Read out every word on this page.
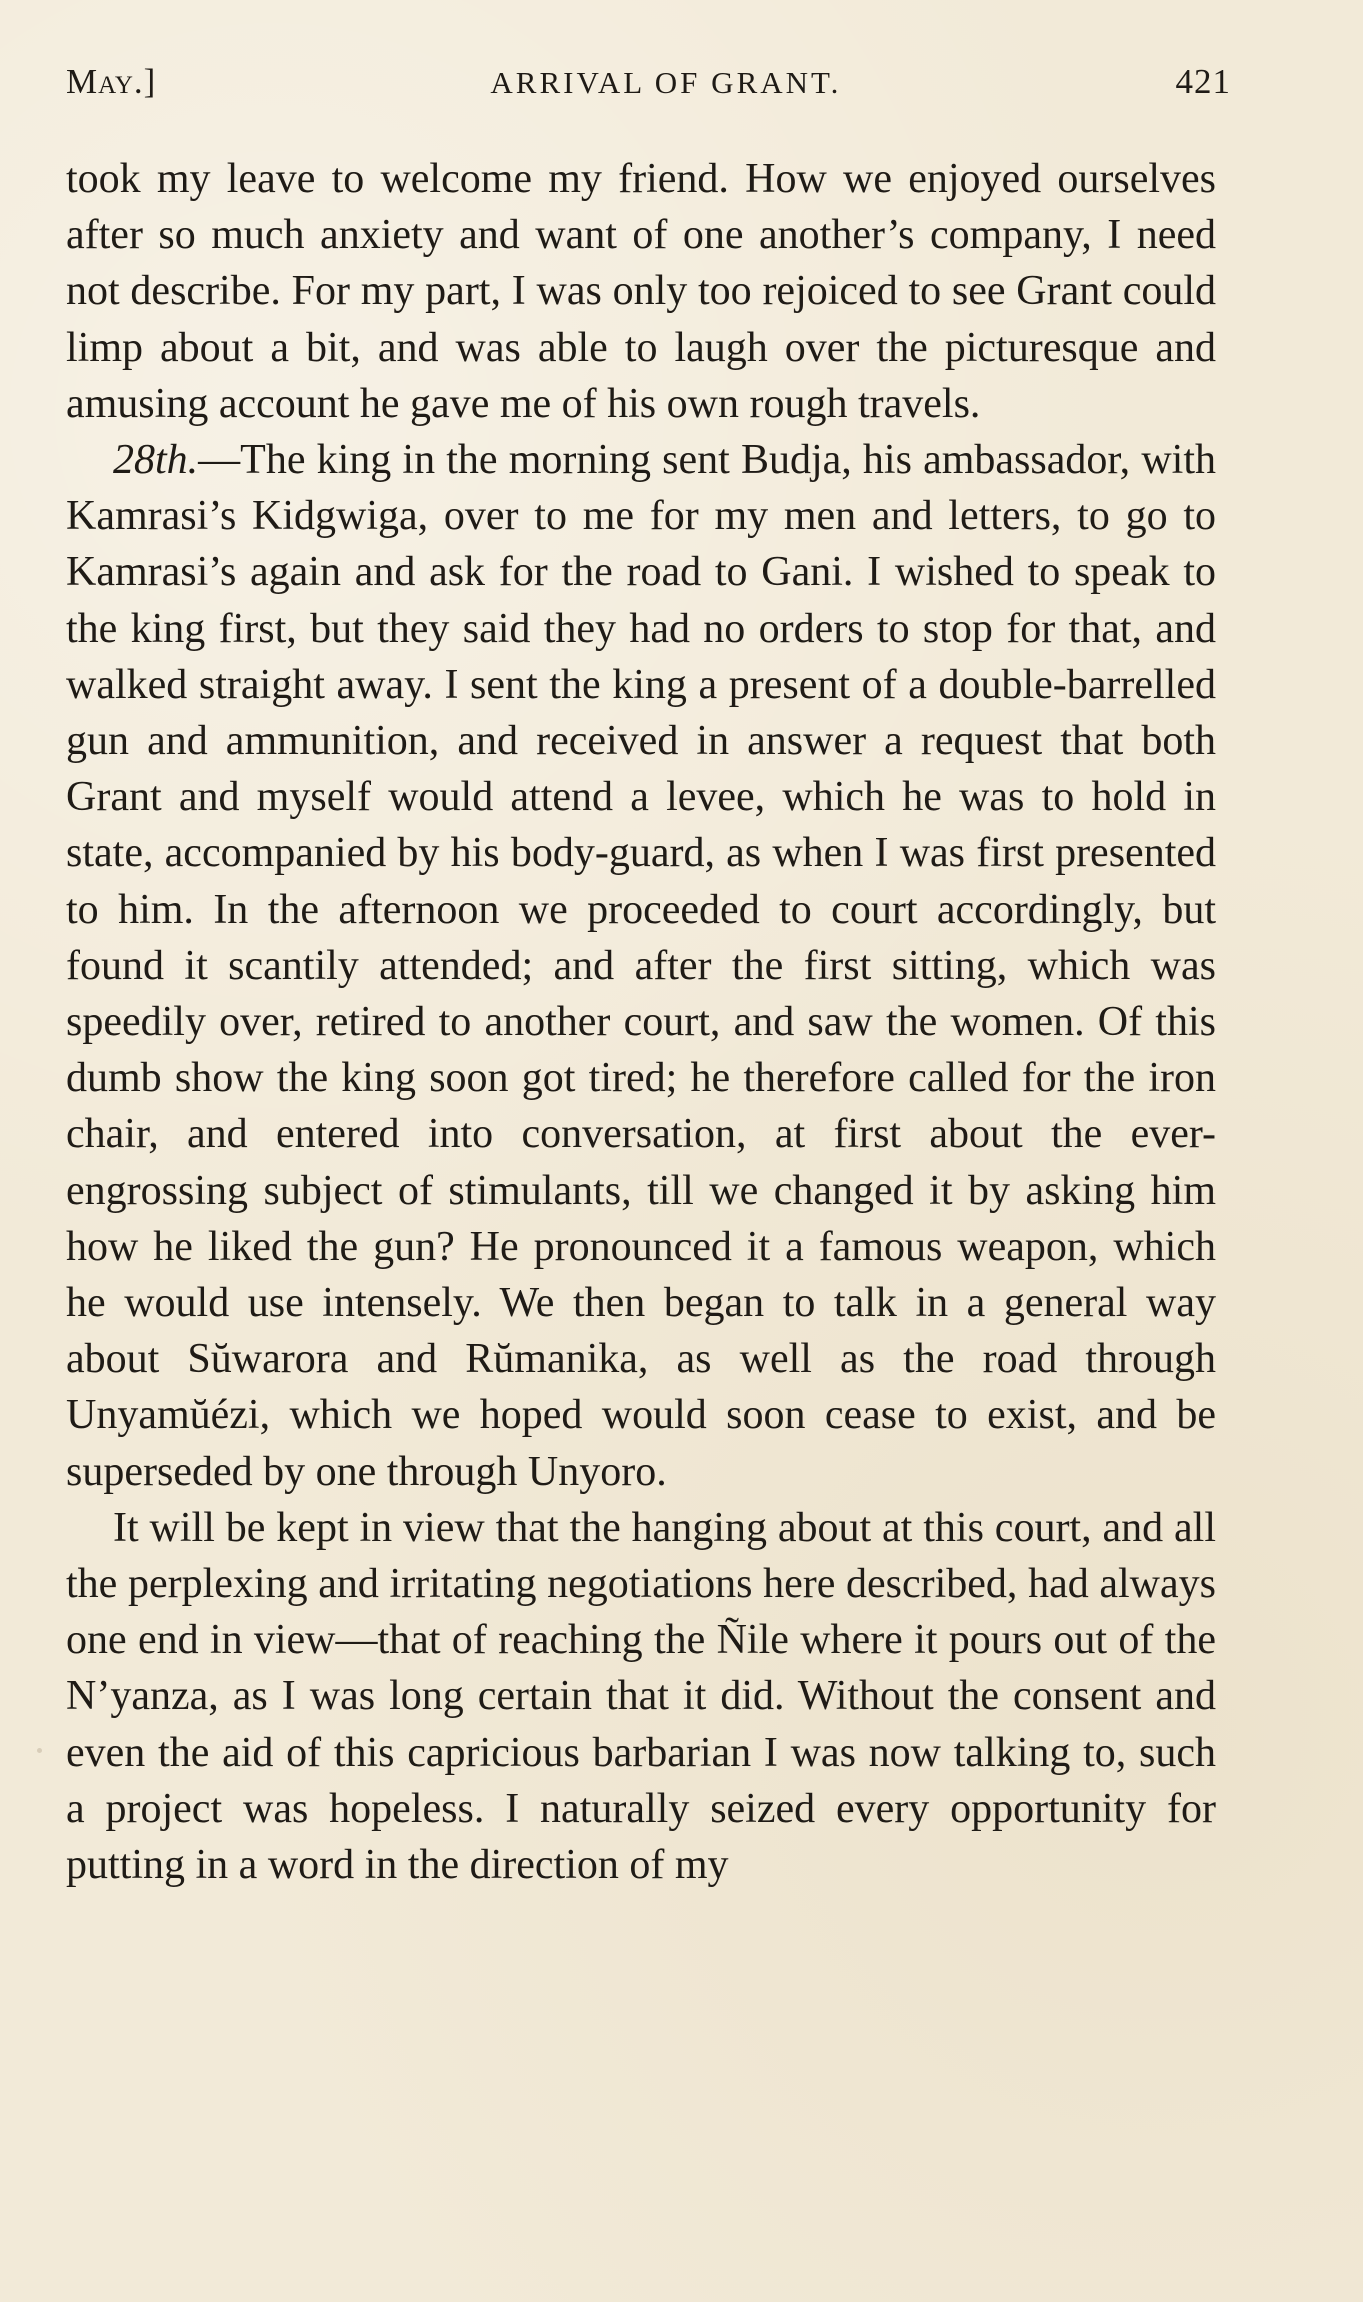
May.]	ARRIVAL OF GRANT.	421

took my leave to welcome my friend. How we enjoyed ourselves after so much anxiety and want of one another’s company, I need not describe. For my part, I was only too rejoiced to see Grant could limp about a bit, and was able to laugh over the picturesque and amusing account he gave me of his own rough travels.

28th.—The king in the morning sent Budja, his ambassador, with Kamrasi’s Kidgwiga, over to me for my men and letters, to go to Kamrasi’s again and ask for the road to Gani. I wished to speak to the king first, but they said they had no orders to stop for that, and walked straight away. I sent the king a present of a double-barrelled gun and ammunition, and received in answer a request that both Grant and myself would attend a levee, which he was to hold in state, accompanied by his body-guard, as when I was first presented to him. In the afternoon we proceeded to court accordingly, but found it scantily attended; and after the first sitting, which was speedily over, retired to another court, and saw the women. Of this dumb show the king soon got tired; he therefore called for the iron chair, and entered into conversation, at first about the ever-engrossing subject of stimulants, till we changed it by asking him how he liked the gun? He pronounced it a famous weapon, which he would use intensely. We then began to talk in a general way about Sŭwarora and Rŭmanika, as well as the road through Unyamŭézi, which we hoped would soon cease to exist, and be superseded by one through Unyoro.

It will be kept in view that the hanging about at this court, and all the perplexing and irritating negotiations here described, had always one end in view—that of reaching the Ñile where it pours out of the N’yanza, as I was long certain that it did. Without the consent and even the aid of this capricious barbarian I was now talking to, such a project was hopeless. I naturally seized every opportunity for putting in a word in the direction of my
